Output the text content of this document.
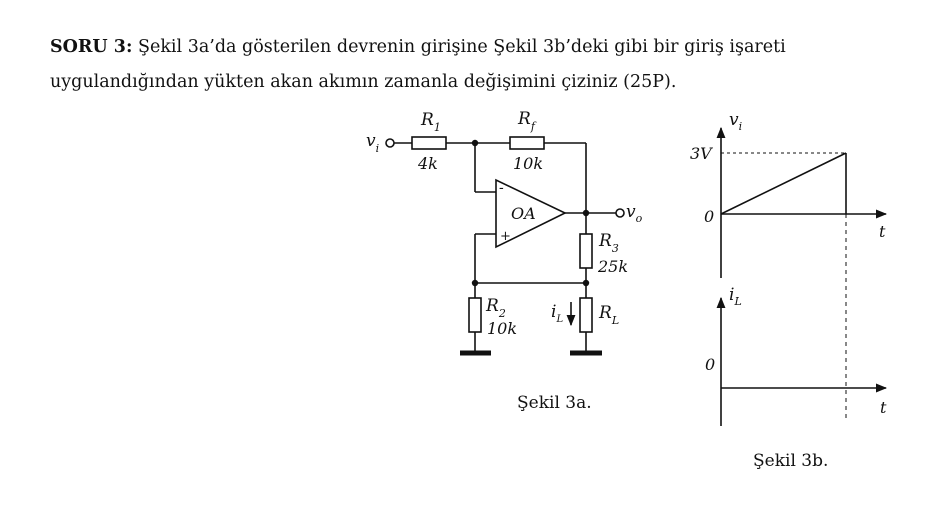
SORU 3: Şekil 3a’da gösterilen devrenin girişine Şekil 3b’deki gibi bir giriş işareti uygulandığından yükten akan akımın zamanla değişimini çiziniz (25P).
$v_i$
$R_1$
4k
$R_f$
10k
-
+
OA	$v_o$
$R_3$
25k
$R_2$
10k
$i_L$ $R_L$
Şekil 3a.
$v_i$
3V
0
t
$i_L$
0
t
Şekil 3b.
